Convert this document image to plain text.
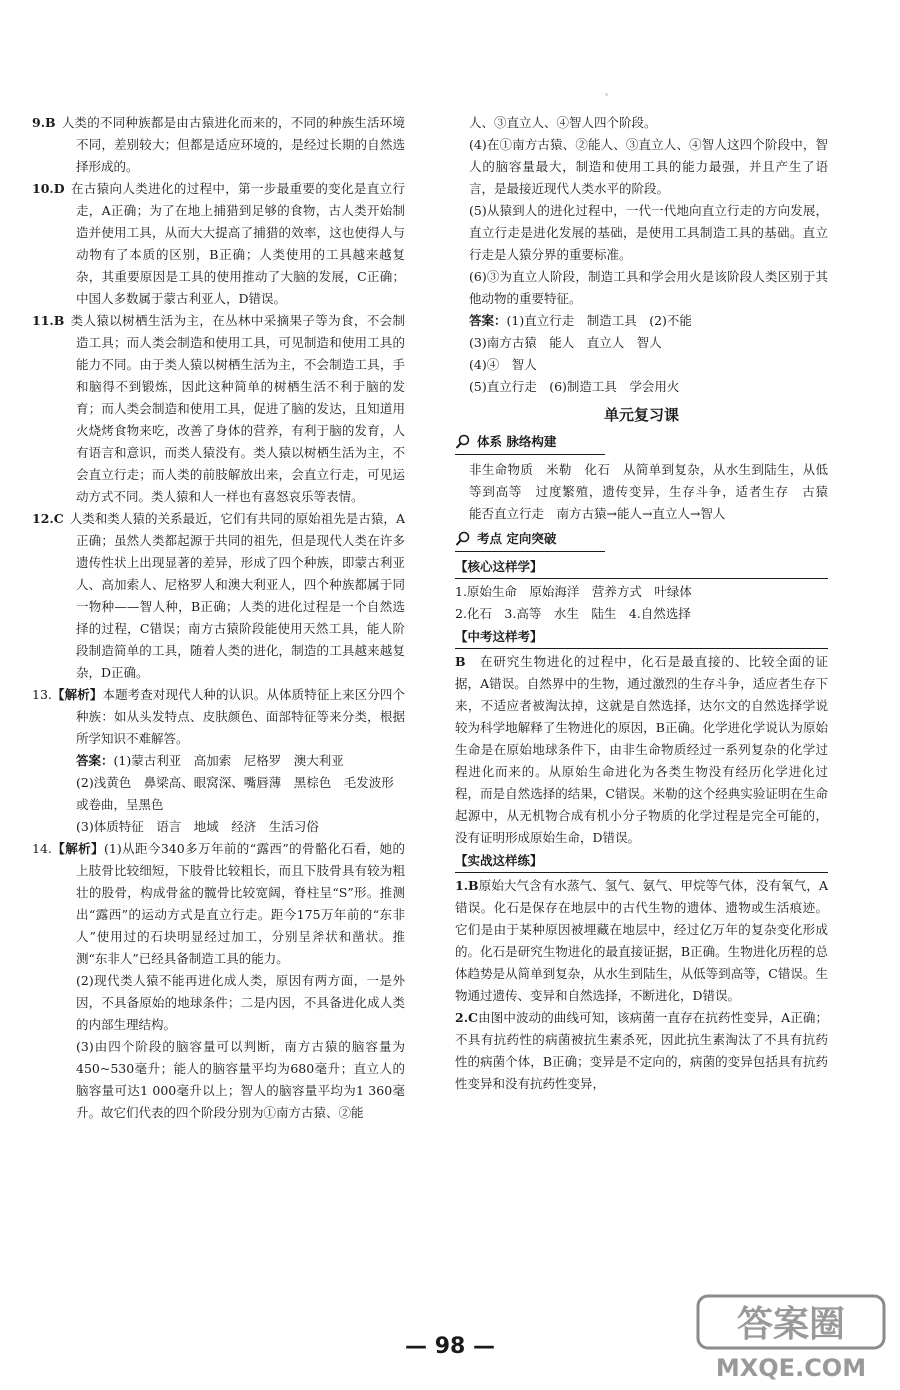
9.B 人类的不同种族都是由古猿进化而来的，不同的种族生活环境不同，差别较大；但都是适应环境的，是经过长期的自然选择形成的。

10.D 在古猿向人类进化的过程中，第一步最重要的变化是直立行走，A正确；为了在地上捕猎到足够的食物，古人类开始制造并使用工具，从而大大提高了捕猎的效率，这也使得人与动物有了本质的区别，B正确；人类使用的工具越来越复杂，其重要原因是工具的使用推动了大脑的发展，C正确；中国人多数属于蒙古利亚人，D错误。

11.B 类人猿以树栖生活为主，在丛林中采摘果子等为食，不会制造工具；而人类会制造和使用工具，可见制造和使用工具的能力不同。由于类人猿以树栖生活为主，不会制造工具，手和脑得不到锻炼，因此这种简单的树栖生活不利于脑的发育；而人类会制造和使用工具，促进了脑的发达，且知道用火烧烤食物来吃，改善了身体的营养，有利于脑的发育，人有语言和意识，而类人猿没有。类人猿以树栖生活为主，不会直立行走；而人类的前肢解放出来，会直立行走，可见运动方式不同。类人猿和人一样也有喜怒哀乐等表情。

12.C 人类和类人猿的关系最近，它们有共同的原始祖先是古猿，A正确；虽然人类都起源于共同的祖先，但是现代人类在许多遗传性状上出现显著的差异，形成了四个种族，即蒙古利亚人、高加索人、尼格罗人和澳大利亚人，四个种族都属于同一物种——智人种，B正确；人类的进化过程是一个自然选择的过程，C错误；南方古猿阶段能使用天然工具，能人阶段制造简单的工具，随着人类的进化，制造的工具越来越复杂，D正确。

13.【解析】本题考查对现代人种的认识。从体质特征上来区分四个种族：如从头发特点、皮肤颜色、面部特征等来分类，根据所学知识不难解答。

答案：(1)蒙古利亚　高加索　尼格罗　澳大利亚

(2)浅黄色　鼻梁高、眼窝深、嘴唇薄　黑棕色　毛发波形或卷曲，呈黑色

(3)体质特征　语言　地域　经济　生活习俗

14.【解析】(1)从距今340多万年前的“露西”的骨骼化石看，她的上肢骨比较细短，下肢骨比较粗长，而且下肢骨具有较为粗壮的股骨，构成骨盆的髋骨比较宽阔，脊柱呈“S”形。推测出“露西”的运动方式是直立行走。距今175万年前的“东非人”使用过的石块明显经过加工，分别呈斧状和凿状。推测“东非人”已经具备制造工具的能力。

(2)现代类人猿不能再进化成人类，原因有两方面，一是外因，不具备原始的地球条件；二是内因，不具备进化成人类的内部生理结构。

(3)由四个阶段的脑容量可以判断，南方古猿的脑容量为450~530毫升；能人的脑容量平均为680毫升；直立人的脑容量可达1 000毫升以上；智人的脑容量平均为1 360毫升。故它们代表的四个阶段分别为①南方古猿、②能

人、③直立人、④智人四个阶段。

(4)在①南方古猿、②能人、③直立人、④智人这四个阶段中，智人的脑容量最大，制造和使用工具的能力最强，并且产生了语言，是最接近现代人类水平的阶段。

(5)从猿到人的进化过程中，一代一代地向直立行走的方向发展，直立行走是进化发展的基础，是使用工具制造工具的基础。直立行走是人猿分界的重要标准。

(6)③为直立人阶段，制造工具和学会用火是该阶段人类区别于其他动物的重要特征。

答案：(1)直立行走　制造工具　(2)不能

(3)南方古猿　能人　直立人　智人

(4)④　智人

(5)直立行走　(6)制造工具　学会用火

单元复习课
体系 脉络构建

非生命物质　米勒　化石　从简单到复杂，从水生到陆生，从低等到高等　过度繁殖，遗传变异，生存斗争，适者生存　古猿　能否直立行走　南方古猿→能人→直立人→智人

考点 定向突破
【核心这样学】

1.原始生命　原始海洋　营养方式　叶绿体

2.化石　3.高等　水生　陆生　4.自然选择

【中考这样考】

B　 在研究生物进化的过程中，化石是最直接的、比较全面的证据，A错误。自然界中的生物，通过激烈的生存斗争，适应者生存下来，不适应者被淘汰掉，这就是自然选择，达尔文的自然选择学说较为科学地解释了生物进化的原因，B正确。化学进化学说认为原始生命是在原始地球条件下，由非生命物质经过一系列复杂的化学过程进化而来的。从原始生命进化为各类生物没有经历化学进化过程，而是自然选择的结果，C错误。米勒的这个经典实验证明在生命起源中，从无机物合成有机小分子物质的化学过程是完全可能的，没有证明形成原始生命，D错误。

【实战这样练】

1.B原始大气含有水蒸气、氢气、氨气、甲烷等气体，没有氧气，A错误。化石是保存在地层中的古代生物的遗体、遗物或生活痕迹。它们是由于某种原因被埋藏在地层中，经过亿万年的复杂变化形成的。化石是研究生物进化的最直接证据，B正确。生物进化历程的总体趋势是从简单到复杂，从水生到陆生，从低等到高等，C错误。生物通过遗传、变异和自然选择，不断进化，D错误。

2.C由图中波动的曲线可知，该病菌一直存在抗药性变异，A正确；不具有抗药性的病菌被抗生素杀死，因此抗生素淘汰了不具有抗药性的病菌个体，B正确；变异是不定向的，病菌的变异包括具有抗药性变异和没有抗药性变异，

— 98 —
答案圈
MXQE.COM
